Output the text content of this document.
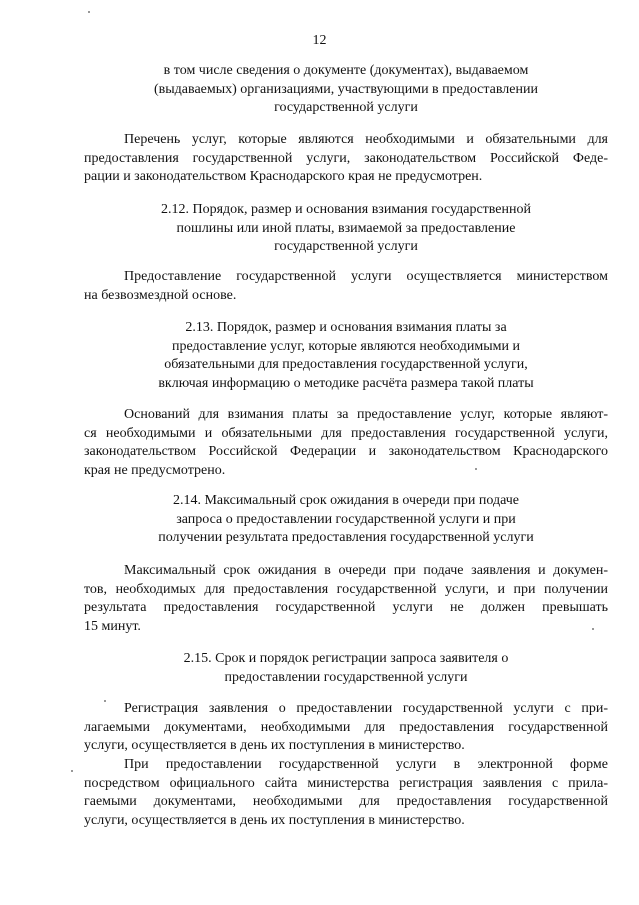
12
в том числе сведения о документе (документах), выдаваемом
(выдаваемых) организациями, участвующими в предоставлении
государственной услуги
Перечень услуг, которые являются необходимыми и обязательными для
предоставления государственной услуги, законодательством Российской Феде-
рации и законодательством Краснодарского края не предусмотрен.
2.12. Порядок, размер и основания взимания государственной
пошлины или иной платы, взимаемой за предоставление
государственной услуги
Предоставление государственной услуги осуществляется министерством
на безвозмездной основе.
2.13. Порядок, размер и основания взимания платы за
предоставление услуг, которые являются необходимыми и
обязательными для предоставления государственной услуги,
включая информацию о методике расчёта размера такой платы
Оснований для взимания платы за предоставление услуг, которые являют-
ся необходимыми и обязательными для предоставления государственной услуги,
законодательством Российской Федерации и законодательством Краснодарского
края не предусмотрено.
2.14. Максимальный срок ожидания в очереди при подаче
запроса о предоставлении государственной услуги и при
получении результата предоставления государственной услуги
Максимальный срок ожидания в очереди при подаче заявления и докумен-
тов, необходимых для предоставления государственной услуги, и при получении
результата предоставления государственной услуги не должен превышать
15 минут.
2.15. Срок и порядок регистрации запроса заявителя о
предоставлении государственной услуги
Регистрация заявления о предоставлении государственной услуги с при-
лагаемыми документами, необходимыми для предоставления государственной
услуги, осуществляется в день их поступления в министерство.
При предоставлении государственной услуги в электронной форме
посредством официального сайта министерства регистрация заявления с прила-
гаемыми документами, необходимыми для предоставления государственной
услуги, осуществляется в день их поступления в министерство.
